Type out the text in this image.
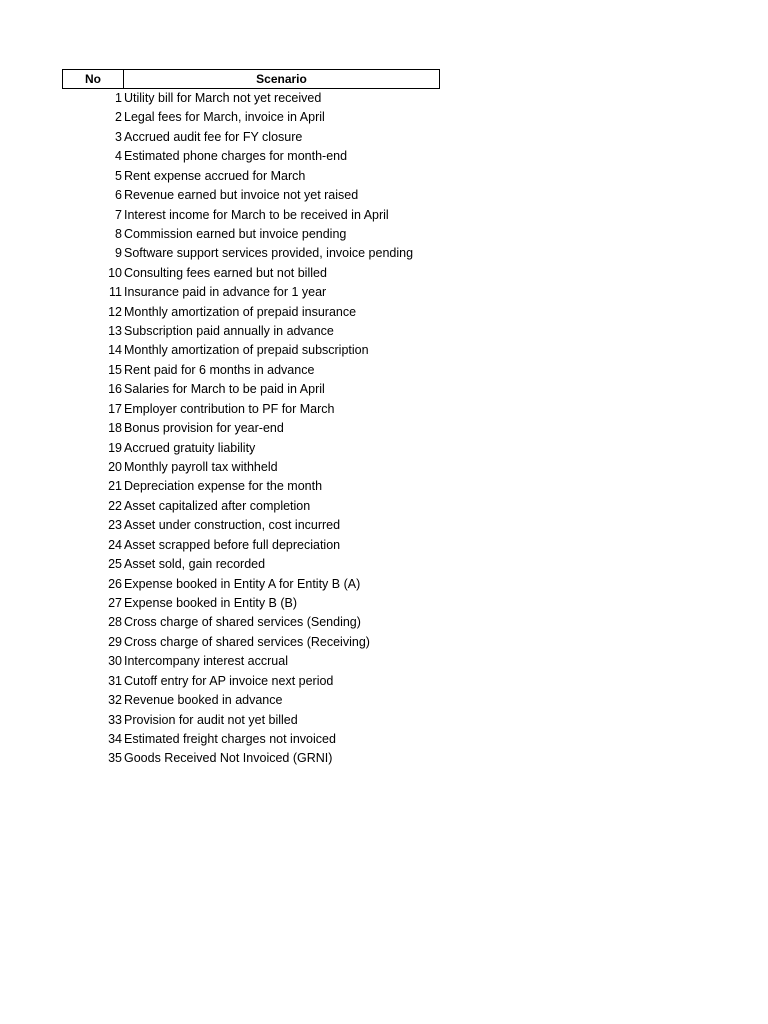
No	Scenario
1 Utility bill for March not yet received
2 Legal fees for March, invoice in April
3 Accrued audit fee for FY closure
4 Estimated phone charges for month-end
5 Rent expense accrued for March
6 Revenue earned but invoice not yet raised
7 Interest income for March to be received in April
8 Commission earned but invoice pending
9 Software support services provided, invoice pending
10 Consulting fees earned but not billed
11 Insurance paid in advance for 1 year
12 Monthly amortization of prepaid insurance
13 Subscription paid annually in advance
14 Monthly amortization of prepaid subscription
15 Rent paid for 6 months in advance
16 Salaries for March to be paid in April
17 Employer contribution to PF for March
18 Bonus provision for year-end
19 Accrued gratuity liability
20 Monthly payroll tax withheld
21 Depreciation expense for the month
22 Asset capitalized after completion
23 Asset under construction, cost incurred
24 Asset scrapped before full depreciation
25 Asset sold, gain recorded
26 Expense booked in Entity A for Entity B (A)
27 Expense booked in Entity B (B)
28 Cross charge of shared services (Sending)
29 Cross charge of shared services (Receiving)
30 Intercompany interest accrual
31 Cutoff entry for AP invoice next period
32 Revenue booked in advance
33 Provision for audit not yet billed
34 Estimated freight charges not invoiced
35 Goods Received Not Invoiced (GRNI)
